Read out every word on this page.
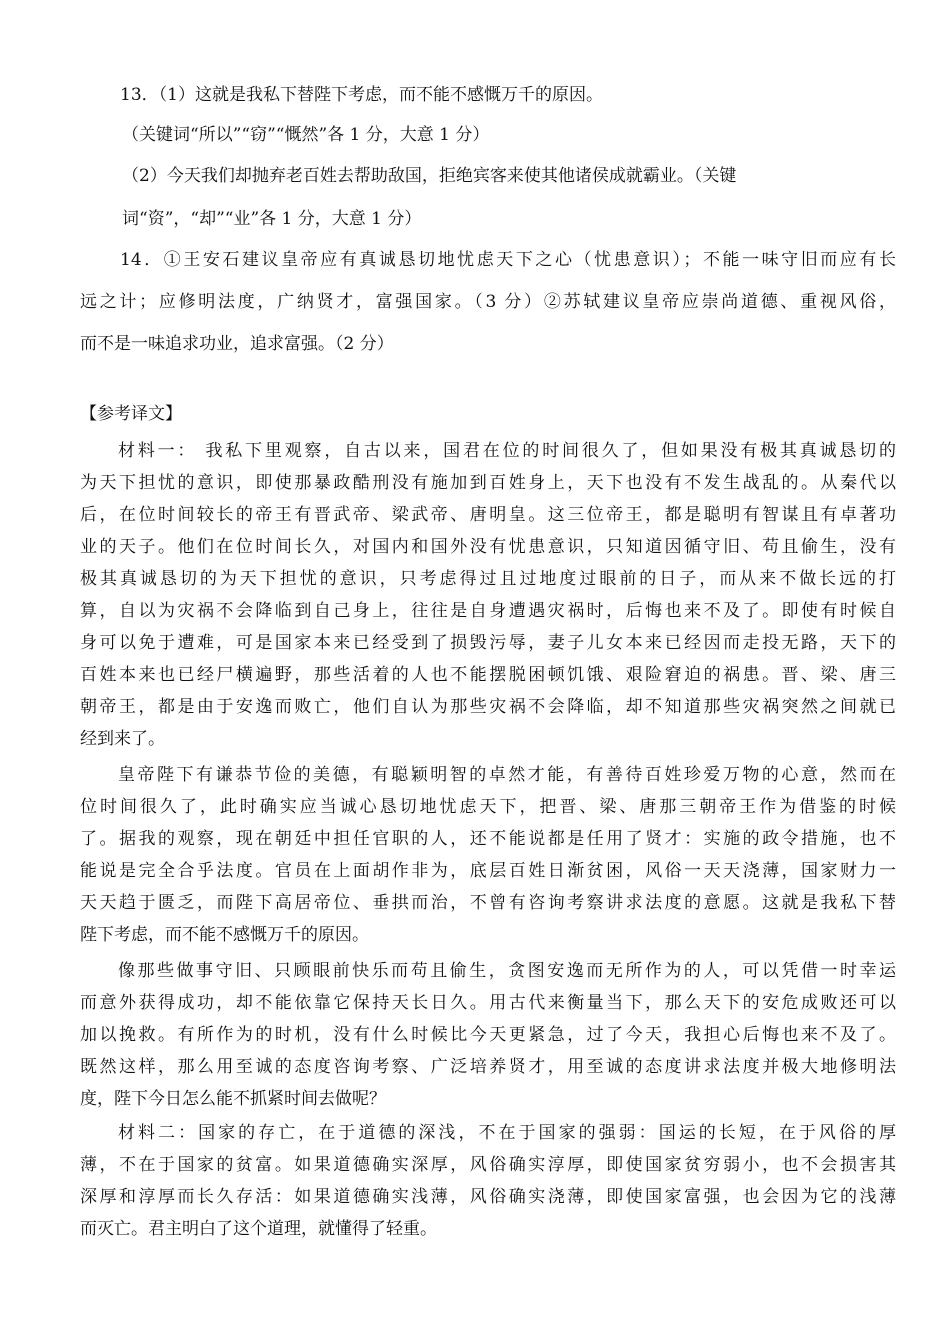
13．（1）这就是我私下替陛下考虑，而不能不感慨万千的原因。
（关键词“所以”“窃”“慨然”各 1 分，大意 1 分）
（2）今天我们却抛弃老百姓去帮助敌国，拒绝宾客来使其他诸侯成就霸业。（关键
词“资”，“却”“业”各 1 分，大意 1 分）
14．①王安石建议皇帝应有真诚恳切地忧虑天下之心（忧患意识）；不能一味守旧而应有长
远之计；应修明法度，广纳贤才，富强国家。（3 分）②苏轼建议皇帝应崇尚道德、重视风俗，
而不是一味追求功业，追求富强。（2 分）
【参考译文】
材料一： 我私下里观察，自古以来，国君在位的时间很久了，但如果没有极其真诚恳切的
为天下担忧的意识，即使那暴政酷刑没有施加到百姓身上，天下也没有不发生战乱的。从秦代以
后，在位时间较长的帝王有晋武帝、梁武帝、唐明皇。这三位帝王，都是聪明有智谋且有卓著功
业的天子。他们在位时间长久，对国内和国外没有忧患意识，只知道因循守旧、苟且偷生，没有
极其真诚恳切的为天下担忧的意识，只考虑得过且过地度过眼前的日子，而从来不做长远的打
算，自以为灾祸不会降临到自己身上，往往是自身遭遇灾祸时，后悔也来不及了。即使有时候自
身可以免于遭难，可是国家本来已经受到了损毁污辱，妻子儿女本来已经因而走投无路，天下的
百姓本来也已经尸横遍野，那些活着的人也不能摆脱困顿饥饿、艰险窘迫的祸患。晋、梁、唐三
朝帝王，都是由于安逸而败亡，他们自认为那些灾祸不会降临，却不知道那些灾祸突然之间就已
经到来了。
皇帝陛下有谦恭节俭的美德，有聪颖明智的卓然才能，有善待百姓珍爱万物的心意，然而在
位时间很久了，此时确实应当诚心恳切地忧虑天下，把晋、梁、唐那三朝帝王作为借鉴的时候
了。据我的观察，现在朝廷中担任官职的人，还不能说都是任用了贤才：实施的政令措施，也不
能说是完全合乎法度。官员在上面胡作非为，底层百姓日渐贫困，风俗一天天浇薄，国家财力一
天天趋于匮乏，而陛下高居帝位、垂拱而治，不曾有咨询考察讲求法度的意愿。这就是我私下替
陛下考虑，而不能不感慨万千的原因。
像那些做事守旧、只顾眼前快乐而苟且偷生，贪图安逸而无所作为的人，可以凭借一时幸运
而意外获得成功，却不能依靠它保持天长日久。用古代来衡量当下，那么天下的安危成败还可以
加以挽救。有所作为的时机，没有什么时候比今天更紧急，过了今天，我担心后悔也来不及了。
既然这样，那么用至诚的态度咨询考察、广泛培养贤才，用至诚的态度讲求法度并极大地修明法
度，陛下今日怎么能不抓紧时间去做呢？
材料二：国家的存亡，在于道德的深浅，不在于国家的强弱：国运的长短，在于风俗的厚
薄，不在于国家的贫富。如果道德确实深厚，风俗确实淳厚，即使国家贫穷弱小，也不会损害其
深厚和淳厚而长久存活：如果道德确实浅薄，风俗确实浇薄，即使国家富强，也会因为它的浅薄
而灭亡。君主明白了这个道理，就懂得了轻重。
